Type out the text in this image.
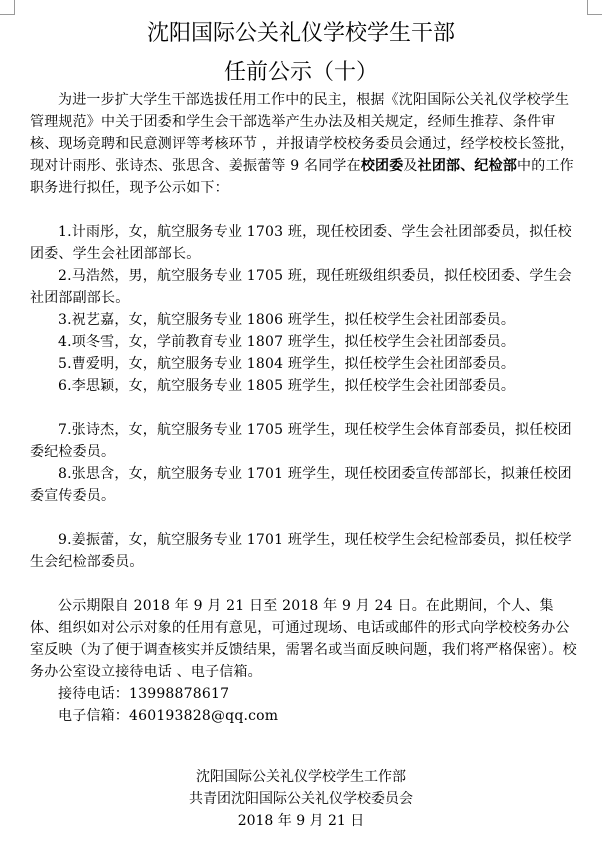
沈阳国际公关礼仪学校学生干部
任前公示（十）
为进一步扩大学生干部选拔任用工作中的民主，根据《沈阳国际公关礼仪学校学生管理规范》中关于团委和学生会干部选举产生办法及相关规定，经师生推荐、条件审核、现场竞聘和民意测评等考核环节 ，并报请学校校务委员会通过，经学校校长签批，现对计雨彤、张诗杰、张思含、姜振蕾等 9 名同学在校团委及社团部、纪检部中的工作职务进行拟任，现予公示如下：
1.计雨彤，女，航空服务专业 1703 班，现任校团委、学生会社团部委员，拟任校团委、学生会社团部部长。
2.马浩然，男，航空服务专业 1705 班，现任班级组织委员，拟任校团委、学生会社团部副部长。
3.祝艺嘉，女，航空服务专业 1806 班学生，拟任校学生会社团部委员。
4.项冬雪，女，学前教育专业 1807 班学生，拟任校学生会社团部委员。
5.曹爱明，女，航空服务专业 1804 班学生，拟任校学生会社团部委员。
6.李思颖，女，航空服务专业 1805 班学生，拟任校学生会社团部委员。
7.张诗杰，女，航空服务专业 1705 班学生，现任校学生会体育部委员，拟任校团委纪检委员。
8.张思含，女，航空服务专业 1701 班学生，现任校团委宣传部部长，拟兼任校团委宣传委员。
9.姜振蕾，女，航空服务专业 1701 班学生，现任校学生会纪检部委员，拟任校学生会纪检部委员。
公示期限自 2018 年 9 月 21 日至 2018 年 9 月 24 日。在此期间，个人、集体、组织如对公示对象的任用有意见，可通过现场、电话或邮件的形式向学校校务办公室反映（为了便于调查核实并反馈结果，需署名或当面反映问题，我们将严格保密）。校务办公室设立接待电话 、电子信箱。
接待电话：13998878617
电子信箱：460193828@qq.com
沈阳国际公关礼仪学校学生工作部
共青团沈阳国际公关礼仪学校委员会
2018 年 9 月 21 日
